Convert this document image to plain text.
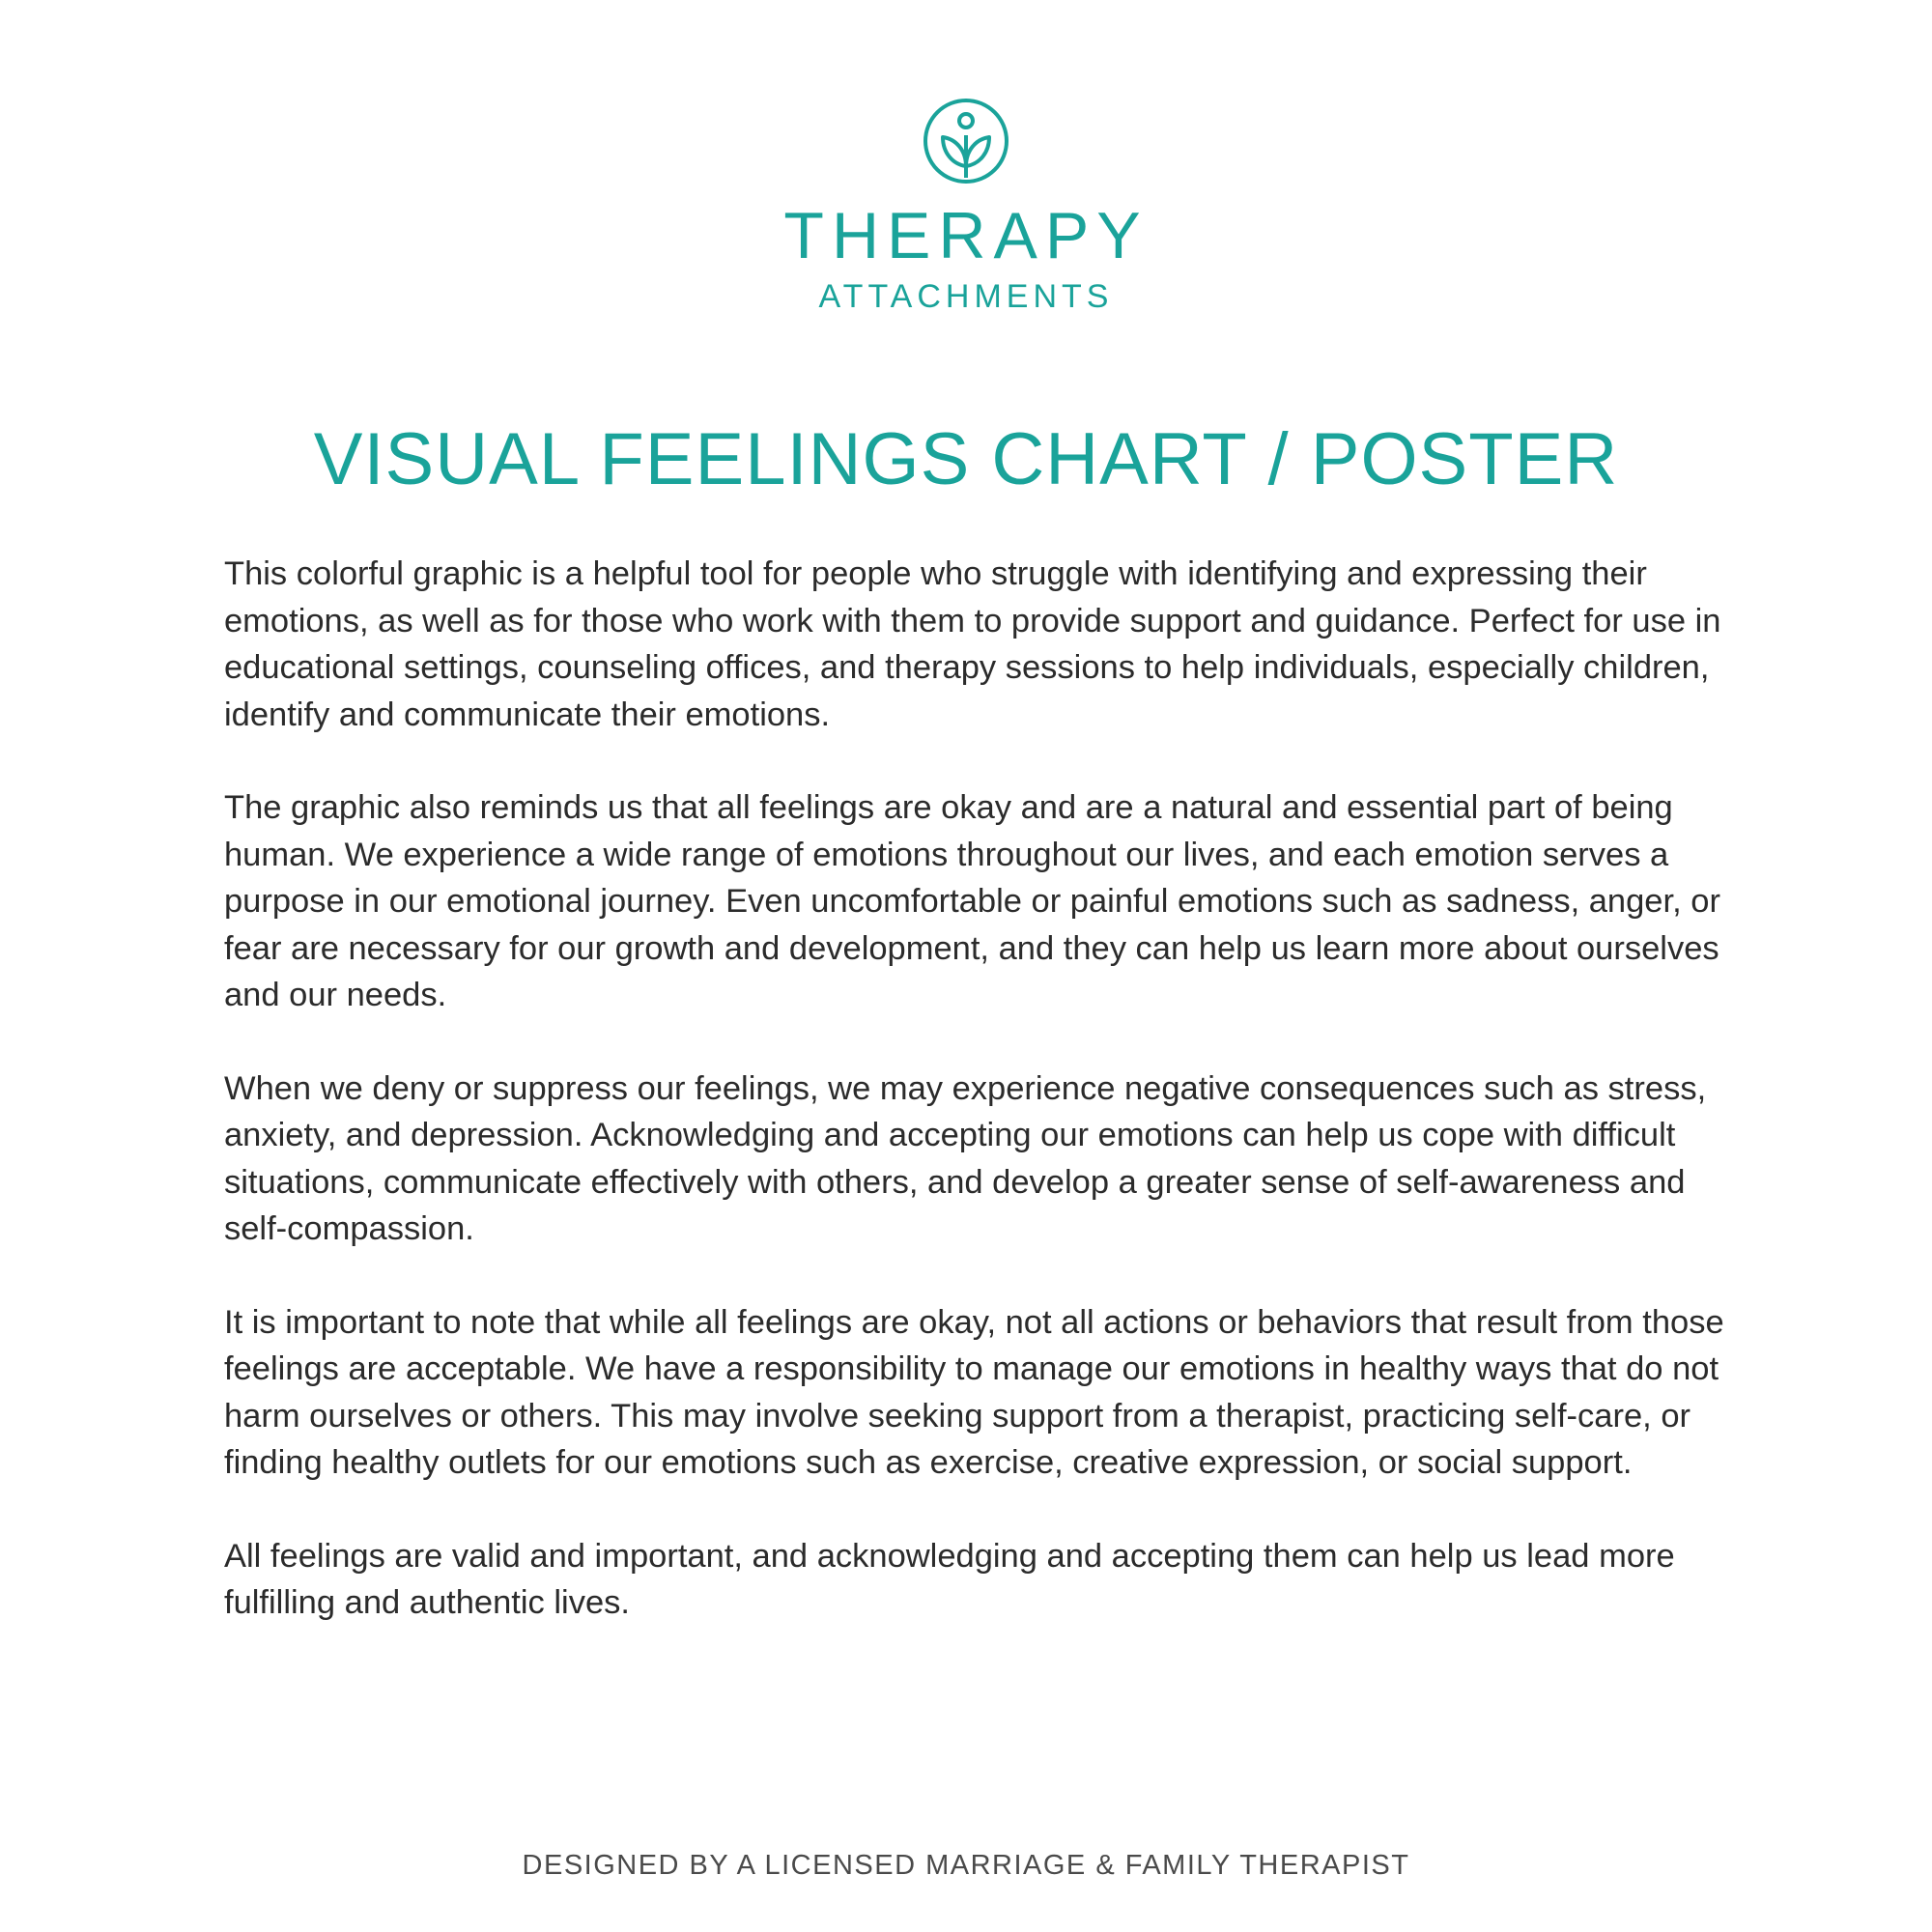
THERAPY
ATTACHMENTS
VISUAL FEELINGS CHART / POSTER

This colorful graphic is a helpful tool for people who struggle with identifying and expressing their emotions, as well as for those who work with them to provide support and guidance. Perfect for use in educational settings, counseling offices, and therapy sessions to help individuals, especially children, identify and communicate their emotions.

The graphic also reminds us that all feelings are okay and are a natural and essential part of being human. We experience a wide range of emotions throughout our lives, and each emotion serves a purpose in our emotional journey. Even uncomfortable or painful emotions such as sadness, anger, or fear are necessary for our growth and development, and they can help us learn more about ourselves and our needs.

When we deny or suppress our feelings, we may experience negative consequences such as stress, anxiety, and depression. Acknowledging and accepting our emotions can help us cope with difficult situations, communicate effectively with others, and develop a greater sense of self-awareness and self-compassion.

It is important to note that while all feelings are okay, not all actions or behaviors that result from those feelings are acceptable. We have a responsibility to manage our emotions in healthy ways that do not harm ourselves or others. This may involve seeking support from a therapist, practicing self-care, or finding healthy outlets for our emotions such as exercise, creative expression, or social support.

All feelings are valid and important, and acknowledging and accepting them can help us lead more fulfilling and authentic lives.

DESIGNED BY A LICENSED MARRIAGE & FAMILY THERAPIST
